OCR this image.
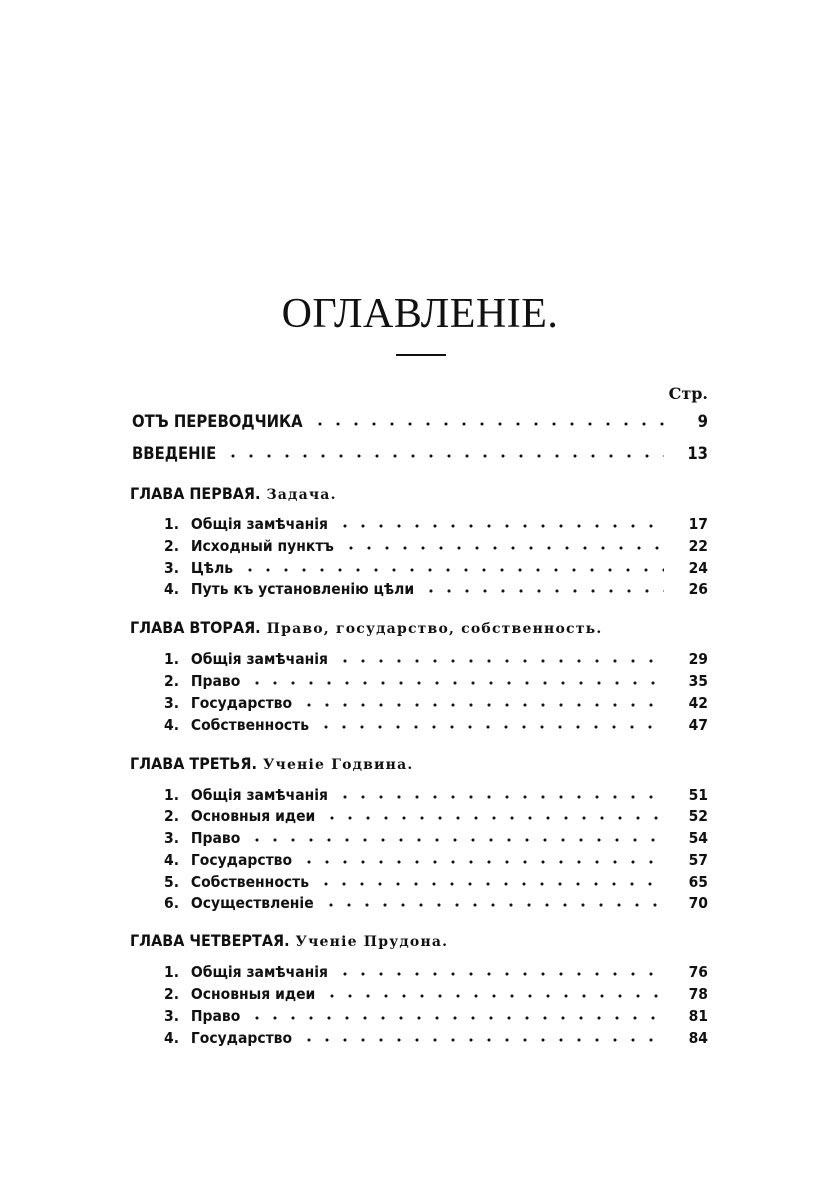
ОГЛАВЛЕНІЕ.
Стр.
ОТЪ ПЕРЕВОДЧИКА	9
ВВЕДЕНІЕ	13
ГЛАВА ПЕРВАЯ. Задача.
1. Общія замѣчанія	17
2. Исходный пунктъ	22
3. Цѣль	24
4. Путь къ установленію цѣли	26
ГЛАВА ВТОРАЯ. Право, государство, собственность.
1. Общія замѣчанія	29
2. Право	35
3. Государство	42
4. Собственность	47
ГЛАВА ТРЕТЬЯ. Ученіе Годвина.
1. Общія замѣчанія	51
2. Основныя идеи	52
3. Право	54
4. Государство	57
5. Собственность	65
6. Осуществленіе	70
ГЛАВА ЧЕТВЕРТАЯ. Ученіе Прудона.
1. Общія замѣчанія	76
2. Основныя идеи	78
3. Право	81
4. Государство	84
